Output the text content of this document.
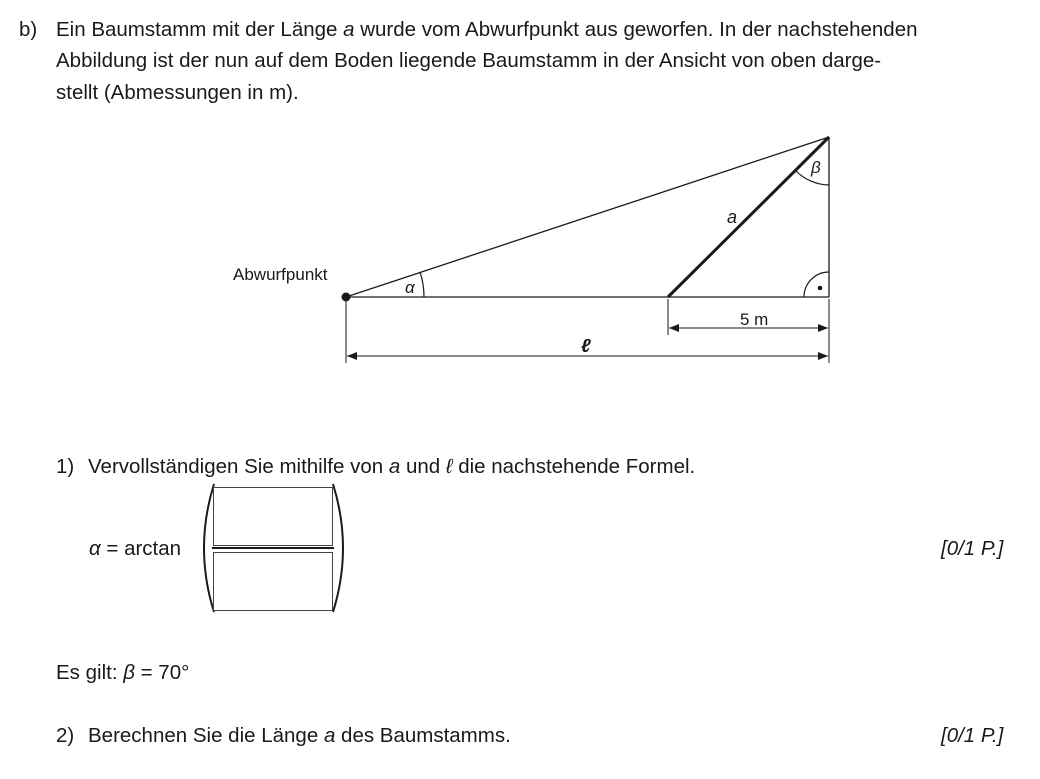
b) Ein Baumstamm mit der Länge a wurde vom Abwurfpunkt aus geworfen. In der nachstehenden
Abbildung ist der nun auf dem Boden liegende Baumstamm in der Ansicht von oben darge-
stellt (Abmessungen in m).
Abwurfpunkt
α
β
a
5 m
ℓ
1) Vervollständigen Sie mithilfe von a und ℓ die nachstehende Formel.
α = arctan	[0/1 P.]
Es gilt: β = 70°
2) Berechnen Sie die Länge a des Baumstamms.	[0/1 P.]
